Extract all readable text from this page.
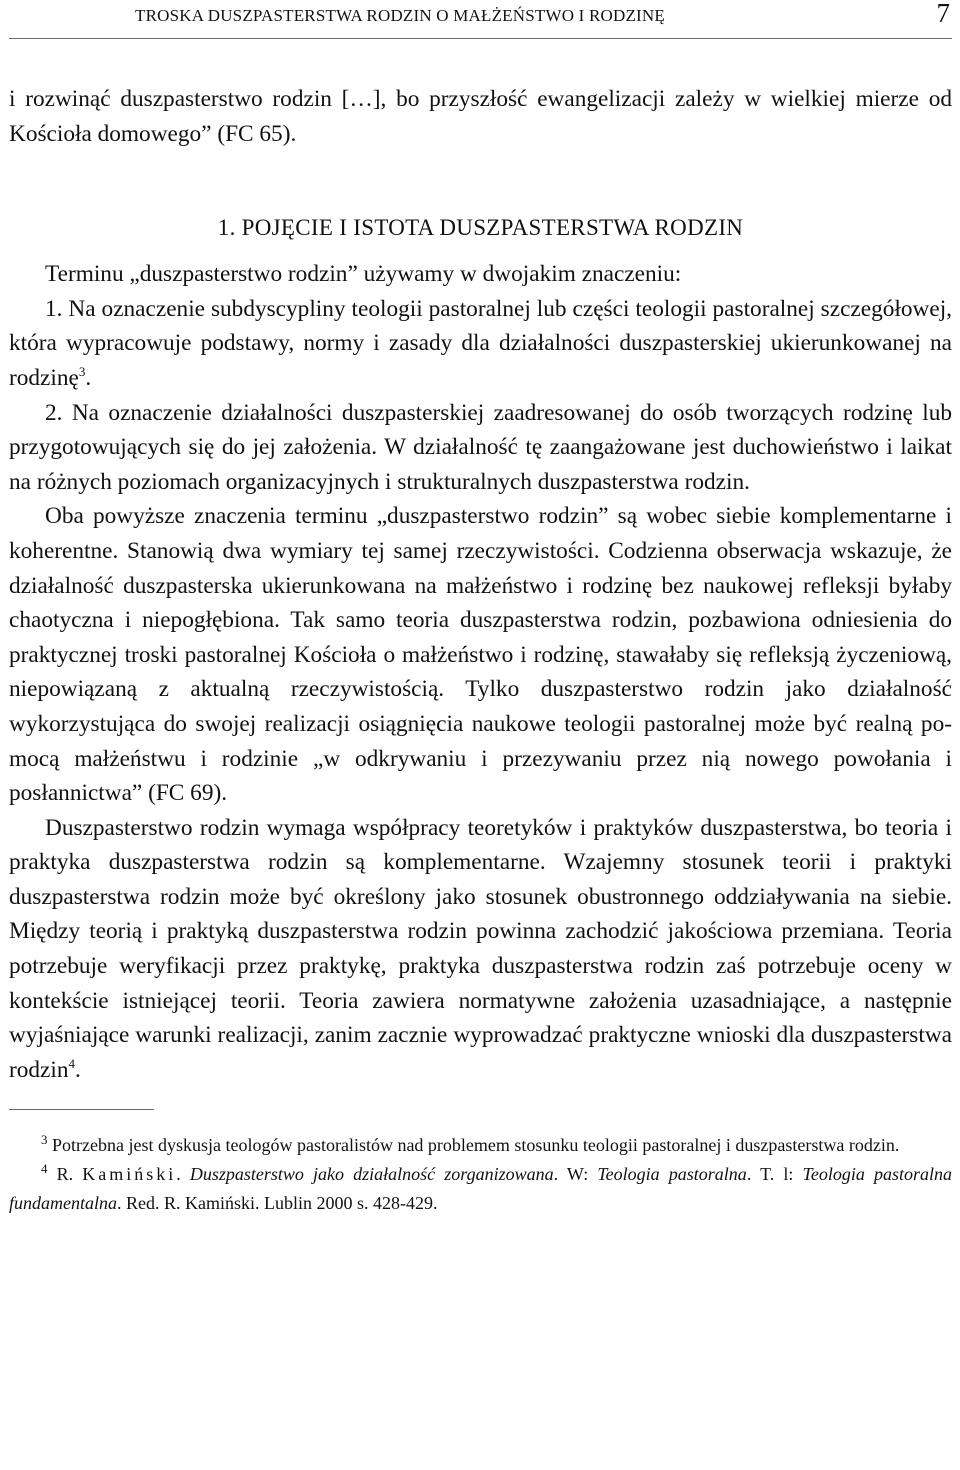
TROSKA DUSZPASTERSTWA RODZIN O MAŁŻEŃSTWO I RODZINĘ	7

i rozwinąć duszpasterstwo rodzin […], bo przyszłość ewangelizacji zależy w wielkiej mierze od Kościoła domowego” (FC 65).

1. POJĘCIE I ISTOTA DUSZPASTERSTWA RODZIN

Terminu „duszpasterstwo rodzin” używamy w dwojakim znaczeniu:

1. Na oznaczenie subdyscypliny teologii pastoralnej lub części teologii pastoralnej szczegółowej, która wypracowuje podstawy, normy i zasady dla działalności duszpasterskiej ukierunkowanej na rodzinę$^3$.

2. Na oznaczenie działalności duszpasterskiej zaadresowanej do osób tworzących rodzinę lub przygotowujących się do jej założenia. W działalność tę zaangażowane jest duchowieństwo i laikat na różnych poziomach organizacyjnych i strukturalnych duszpasterstwa rodzin.

Oba powyższe znaczenia terminu „duszpasterstwo rodzin” są wobec siebie komplementarne i koherentne. Stanowią dwa wymiary tej samej rzeczywistości. Codzienna obserwacja wskazuje, że działalność duszpasterska ukierunkowana na małżeństwo i rodzinę bez naukowej refleksji byłaby chaotyczna i niepogłębiona. Tak samo teoria duszpasterstwa rodzin, pozbawiona odniesienia do praktycznej troski pastoralnej Kościoła o małżeństwo i rodzinę, stawałaby się refleksją życzeniową, niepowiązaną z aktualną rzeczywistością. Tylko duszpasterstwo rodzin jako działalność wykorzystująca do swojej realizacji osiągnięcia naukowe teologii pastoralnej może być realną pomocą małżeństwu i rodzinie „w odkrywaniu i przezywaniu przez nią nowego powołania i posłannictwa” (FC 69).

Duszpasterstwo rodzin wymaga współpracy teoretyków i praktyków duszpasterstwa, bo teoria i praktyka duszpasterstwa rodzin są komplementarne. Wzajemny stosunek teorii i praktyki duszpasterstwa rodzin może być określony jako stosunek obustronnego oddziaływania na siebie. Między teorią i praktyką duszpasterstwa rodzin powinna zachodzić jakościowa przemiana. Teoria potrzebuje weryfikacji przez praktykę, praktyka duszpasterstwa rodzin zaś potrzebuje oceny w kontekście istniejącej teorii. Teoria zawiera normatywne założenia uzasadniające, a następnie wyjaśniające warunki realizacji, zanim zacznie wyprowadzać praktyczne wnioski dla duszpasterstwa rodzin$^4$.

$^3$ Potrzebna jest dyskusja teologów pastoralistów nad problemem stosunku teologii pastoralnej i duszpasterstwa rodzin.

$^4$ R. Kamiński. Duszpasterstwo jako działalność zorganizowana. W: Teologia pastoralna. T. l: Teologia pastoralna fundamentalna. Red. R. Kamiński. Lublin 2000 s. 428-429.
